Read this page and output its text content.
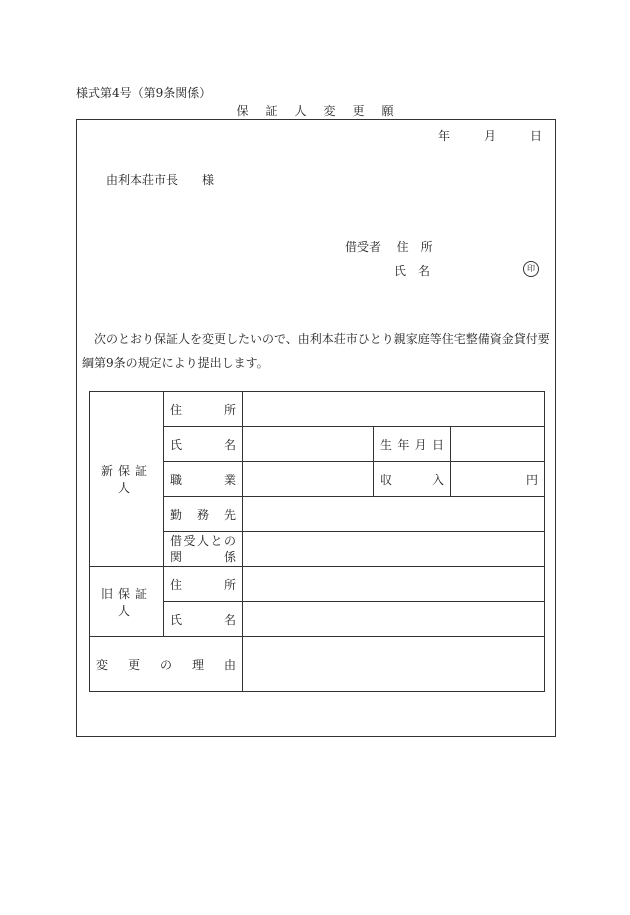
様式第4号（第9条関係）
保証人変更願
年	月	日
由利本荘市長　　様
借受者 住　所
氏　名	印
次のとおり保証人を変更したいので、由利本荘市ひとり親家庭等住宅整備資金貸付要綱第9条の規定により提出します。
新保証人	住所			
	氏名		生年月日	
	職業		収入	円
	勤務先			

	借受人との
関係			

旧保証人	住所			
	氏名			
変更の理由				
